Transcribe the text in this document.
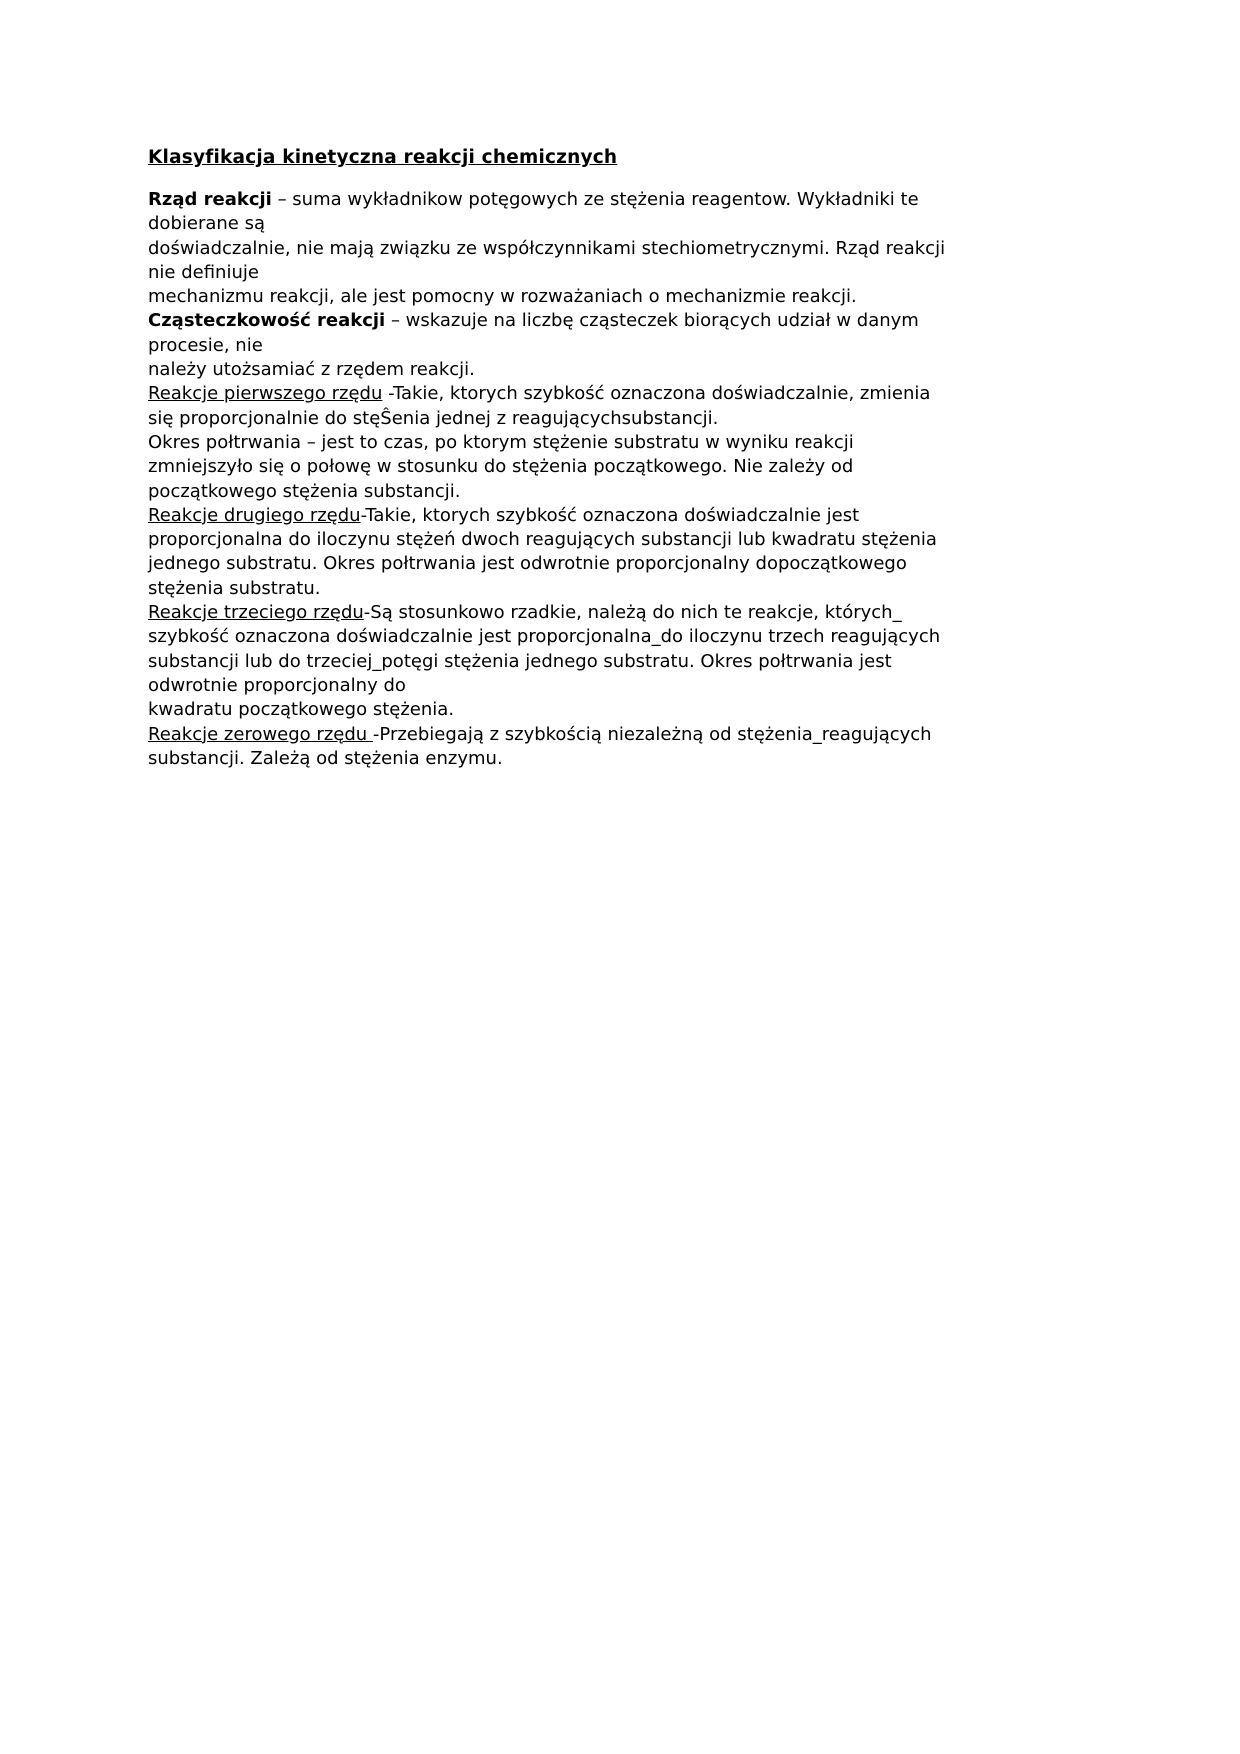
Klasyfikacja kinetyczna reakcji chemicznych

Rząd reakcji – suma wykładnikow potęgowych ze stężenia reagentow. Wykładniki te

dobierane są

doświadczalnie, nie mają związku ze współczynnikami stechiometrycznymi. Rząd reakcji

nie definiuje

mechanizmu reakcji, ale jest pomocny w rozważaniach o mechanizmie reakcji.

Cząsteczkowość reakcji – wskazuje na liczbę cząsteczek biorących udział w danym

procesie, nie

należy utożsamiać z rzędem reakcji.

Reakcje pierwszego rzędu -Takie, ktorych szybkość oznaczona doświadczalnie, zmienia

się proporcjonalnie do stęŜenia jednej z reagującychsubstancji.

Okres połtrwania – jest to czas, po ktorym stężenie substratu w wyniku reakcji

zmniejszyło się o połowę w stosunku do stężenia początkowego. Nie zależy od

początkowego stężenia substancji.

Reakcje drugiego rzędu-Takie, ktorych szybkość oznaczona doświadczalnie jest

proporcjonalna do iloczynu stężeń dwoch reagujących substancji lub kwadratu stężenia

jednego substratu. Okres połtrwania jest odwrotnie proporcjonalny dopoczątkowego

stężenia substratu.

Reakcje trzeciego rzędu-Są stosunkowo rzadkie, należą do nich te reakcje, których_

szybkość oznaczona doświadczalnie jest proporcjonalna_do iloczynu trzech reagujących

substancji lub do trzeciej_potęgi stężenia jednego substratu. Okres połtrwania jest

odwrotnie proporcjonalny do

kwadratu początkowego stężenia.

Reakcje zerowego rzędu -Przebiegają z szybkością niezależną od stężenia_reagujących

substancji. Zależą od stężenia enzymu.
